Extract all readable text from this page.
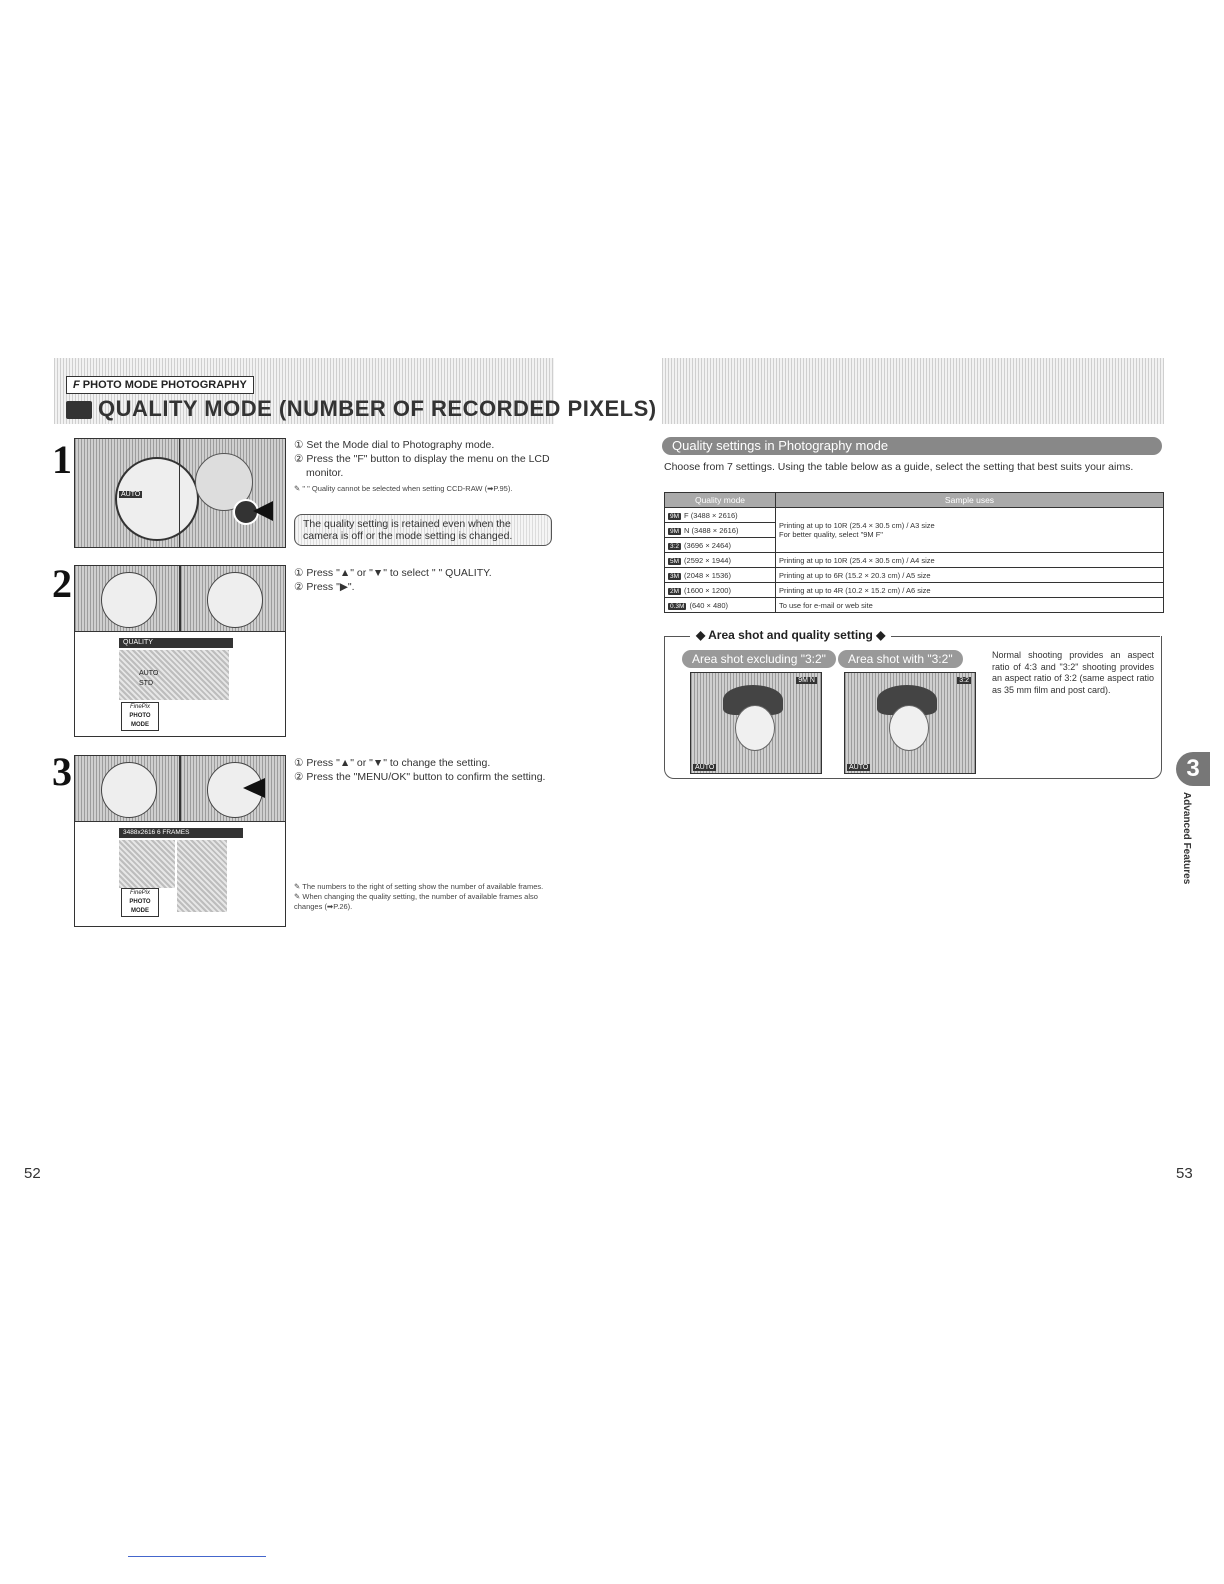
F PHOTO MODE PHOTOGRAPHY
QUALITY MODE (NUMBER OF RECORDED PIXELS)
1
AUTO
① Set the Mode dial to Photography mode.
② Press the "F" button to display the menu on the LCD monitor.
✎ " " Quality cannot be selected when setting CCD-RAW (➡P.95).
The quality setting is retained even when the camera is off or the mode setting is changed.
2
QUALITY
AUTO
STD
FinePix
PHOTO MODE
① Press "▲" or "▼" to select " " QUALITY.
② Press "▶".
3
3488x2616 6 FRAMES
FinePix
PHOTO MODE
① Press "▲" or "▼" to change the setting.
② Press the "MENU/OK" button to confirm the setting.
✎ The numbers to the right of setting show the number of available frames.
✎ When changing the quality setting, the number of available frames also changes (➡P.26).
52
Quality settings in Photography mode
Choose from 7 settings. Using the table below as a guide, select the setting that best suits your aims.
Quality mode	Sample uses
9M F (3488 × 2616)	Printing at up to 10R (25.4 × 30.5 cm) / A3 size
For better quality, select "9M F"

9M N (3488 × 2616)	
3:2 (3696 × 2464)	
5M (2592 × 1944)	Printing at up to 10R (25.4 × 30.5 cm) / A4 size
3M (2048 × 1536)	Printing at up to 6R (15.2 × 20.3 cm) / A5 size
2M (1600 × 1200)	Printing at up to 4R (10.2 × 15.2 cm) / A6 size
0.3M (640 × 480)	To use for e-mail or web site
◆ Area shot and quality setting ◆
Area shot excluding "3:2"	Area shot with "3:2"
9M N
AUTO
3:2
AUTO
Normal shooting provides an aspect ratio of 4:3 and "3:2" shooting provides an aspect ratio of 3:2 (same aspect ratio as 35 mm film and post card).
3
Advanced Features
53
